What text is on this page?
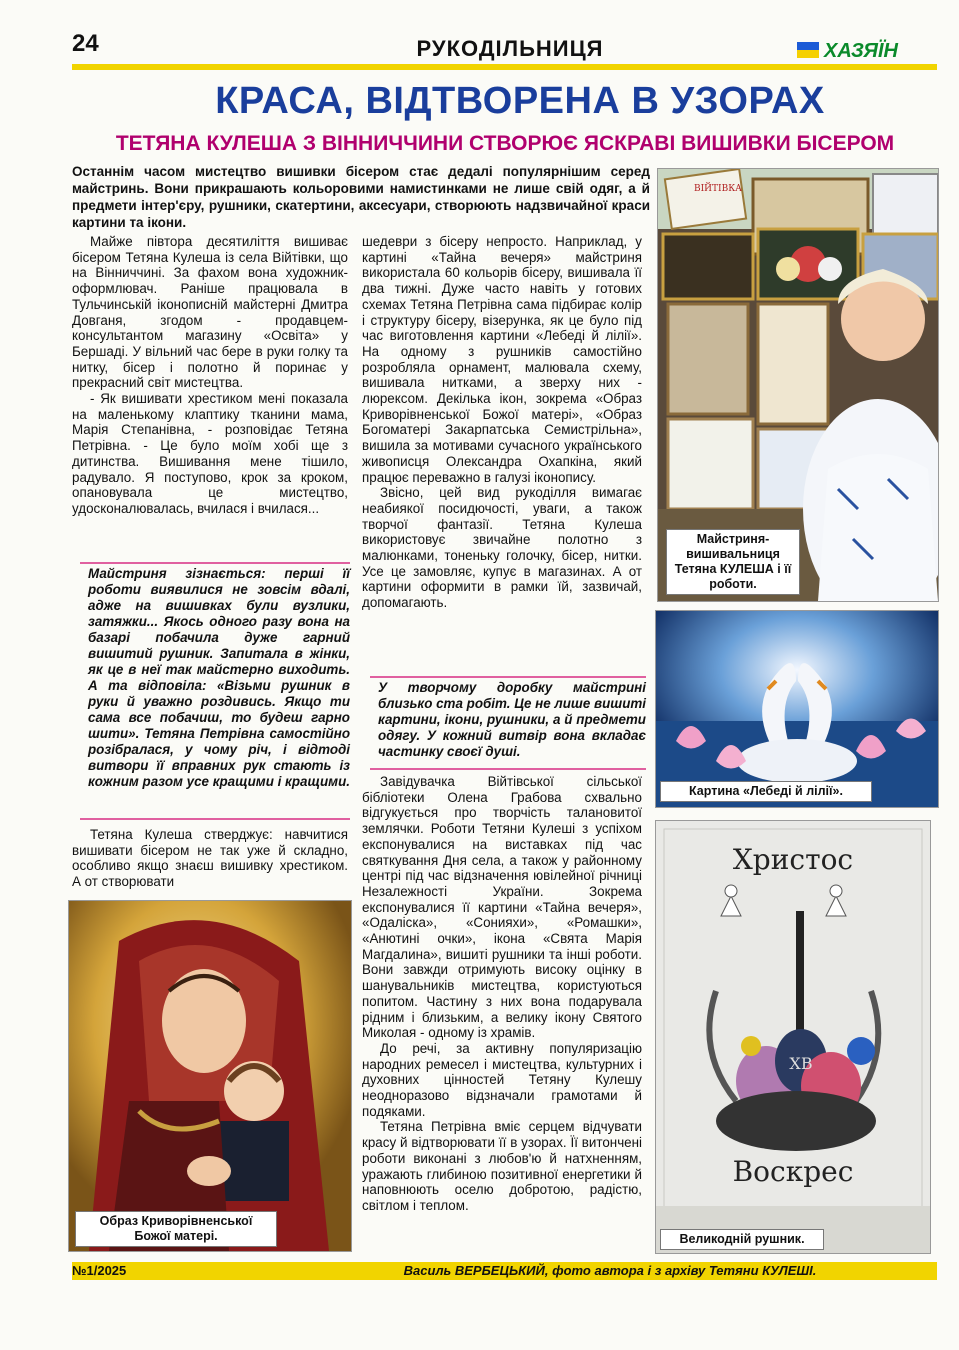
24	РУКОДІЛЬНИЦЯ	ХАЗЯЇН
КРАСА, ВІДТВОРЕНА В УЗОРАХ
ТЕТЯНА КУЛЕША З ВІННИЧЧИНИ СТВОРЮЄ ЯСКРАВІ ВИШИВКИ БІСЕРОМ
Останнім часом мистецтво вишивки бісером стає дедалі популярнішим серед майстринь. Вони прикрашають кольоровими намистинками не лише свій одяг, а й предмети інтер'єру, рушники, скатертини, аксесуари, створюють надзвичайної краси картини та ікони.

Майже півтора десятиліття вишиває бісером Тетяна Кулеша із села Війтівки, що на Вінниччині. За фахом вона художник-оформлювач. Раніше працювала в Тульчинській іконописній майстерні Дмитра Довганя, згодом - продавцем-консультантом магазину «Освіта» у Бершаді. У вільний час бере в руки голку та нитку, бісер і полотно й поринає у прекрасний світ мистецтва.

- Як вишивати хрестиком мені показала на маленькому клаптику тканини мама, Марія Степанівна, - розповідає Тетяна Петрівна. - Це було моїм хобі ще з дитинства. Вишивання мене тішило, радувало. Я поступово, крок за кроком, опановувала це мистецтво, удосконалювалась, вчилася і вчилася...

Майстриня зізнається: перші її роботи виявилися не зовсім вдалі, адже на вишивках були вузлики, затяжки... Якось одного разу вона на базарі побачила дуже гарний вишитий рушник. Запитала в жінки, як це в неї так майстерно виходить. А та відповіла: «Візьми рушник в руки й уважно роздивись. Якщо ти сама все побачиш, то будеш гарно шити». Тетяна Петрівна самостійно розібралася, у чому річ, і відтоді витвори її вправних рук стають із кожним разом усе кращими і кращими.

Тетяна Кулеша стверджує: навчитися вишивати бісером не так уже й складно, особливо якщо знаєш вишивку хрестиком. А от створювати

шедеври з бісеру непросто. Наприклад, у картині «Тайна вечеря» майстриня використала 60 кольорів бісеру, вишивала її два тижні. Дуже часто навіть у готових схемах Тетяна Петрівна сама підбирає колір і структуру бісеру, візерунка, як це було під час виготовлення картини «Лебеді й лілії». На одному з рушників самостійно розробляла орнамент, малювала схему, вишивала нитками, а зверху них - люрексом. Декілька ікон, зокрема «Образ Криворівненської Божої матері», «Образ Богоматері Закарпатська Семистрільна», вишила за мотивами сучасного українського живописця Олександра Охапкіна, який працює переважно в галузі іконопису.

Звісно, цей вид рукоділля вимагає неабиякої посидючості, уваги, а також творчої фантазії. Тетяна Кулеша використовує звичайне полотно з малюнками, тоненьку голочку, бісер, нитки. Усе це замовляє, купує в магазинах. А от картини оформити в рамки їй, зазвичай, допомагають.

У творчому доробку майстрині близько ста робіт. Це не лише вишиті картини, ікони, рушники, а й предмети одягу. У кожний витвір вона вкладає частинку своєї душі.

Завідувачка Війтівської сільської бібліотеки Олена Грабова схвально відгукується про творчість талановитої землячки. Роботи Тетяни Кулеші з успіхом експонувалися на виставках під час святкування Дня села, а також у районному центрі під час відзначення ювілейної річниці Незалежності України. Зокрема експонувалися її картини «Тайна вечеря», «Одаліска», «Сонияхи», «Ромашки», «Анютині очки», ікона «Свята Марія Магдалина», вишиті рушники та інші роботи. Вони завжди отримують високу оцінку в шанувальників мистецтва, користуються попитом. Частину з них вона подарувала рідним і близьким, а велику ікону Святого Миколая - одному із храмів.

До речі, за активну популяризацію народних ремесел і мистецтва, культурних і духовних цінностей Тетяну Кулешу неодноразово відзначали грамотами й подяками.

Тетяна Петрівна вміє серцем відчувати красу й відтворювати її в узорах. Її витончені роботи виконані з любов'ю й натхненням, уражають глибиною позитивної енергетики й наповнюють оселю добротою, радістю, світлом і теплом.

ВІЙТІВКА
Майстриня-вишивальниця Тетяна КУЛЕША і її роботи.
Картина «Лебеді й лілії».
Христос
ХВ
Воскрес
Великодній рушник.
Образ Криворівненської Божої матері.
№1/2025	Василь ВЕРБЕЦЬКИЙ, фото автора і з архіву Тетяни КУЛЕШІ.
